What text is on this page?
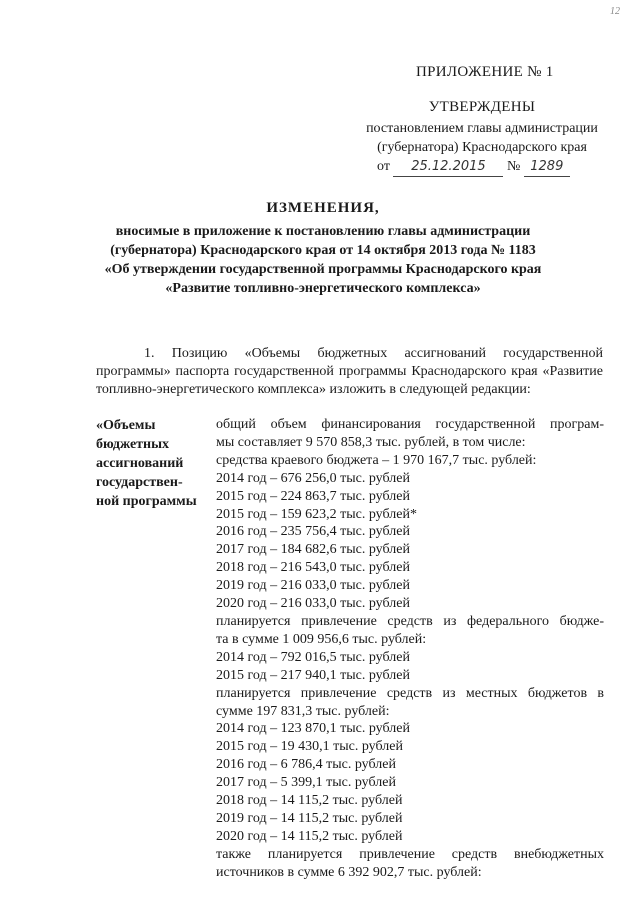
12
ПРИЛОЖЕНИЕ № 1
УТВЕРЖДЕНЫ
постановлением главы администрации
(губернатора) Краснодарского края
от 25.12.2015 № 1289
ИЗМЕНЕНИЯ,
вносимые в приложение к постановлению главы администрации
(губернатора) Краснодарского края от 14 октября 2013 года № 1183
«Об утверждении государственной программы Краснодарского края
«Развитие топливно-энергетического комплекса»
1. Позицию «Объемы бюджетных ассигнований государственной программы» паспорта государственной программы Краснодарского края «Развитие топливно-энергетического комплекса» изложить в следующей редакции:
«Объемы
бюджетных
ассигнований
государствен-
ной программы
общий объем финансирования государственной програм-
мы составляет 9 570 858,3 тыс. рублей, в том числе:
средства краевого бюджета – 1 970 167,7 тыс. рублей:
2014 год – 676 256,0 тыс. рублей
2015 год – 224 863,7 тыс. рублей
2015 год – 159 623,2 тыс. рублей*
2016 год – 235 756,4 тыс. рублей
2017 год – 184 682,6 тыс. рублей
2018 год – 216 543,0 тыс. рублей
2019 год – 216 033,0 тыс. рублей
2020 год – 216 033,0 тыс. рублей
планируется привлечение средств из федерального бюдже-
та в сумме 1 009 956,6 тыс. рублей:
2014 год – 792 016,5 тыс. рублей
2015 год – 217 940,1 тыс. рублей
планируется привлечение средств из местных бюджетов в
сумме 197 831,3 тыс. рублей:
2014 год – 123 870,1 тыс. рублей
2015 год – 19 430,1 тыс. рублей
2016 год – 6 786,4 тыс. рублей
2017 год – 5 399,1 тыс. рублей
2018 год – 14 115,2 тыс. рублей
2019 год – 14 115,2 тыс. рублей
2020 год – 14 115,2 тыс. рублей
также планируется привлечение средств внебюджетных
источников в сумме 6 392 902,7 тыс. рублей:
